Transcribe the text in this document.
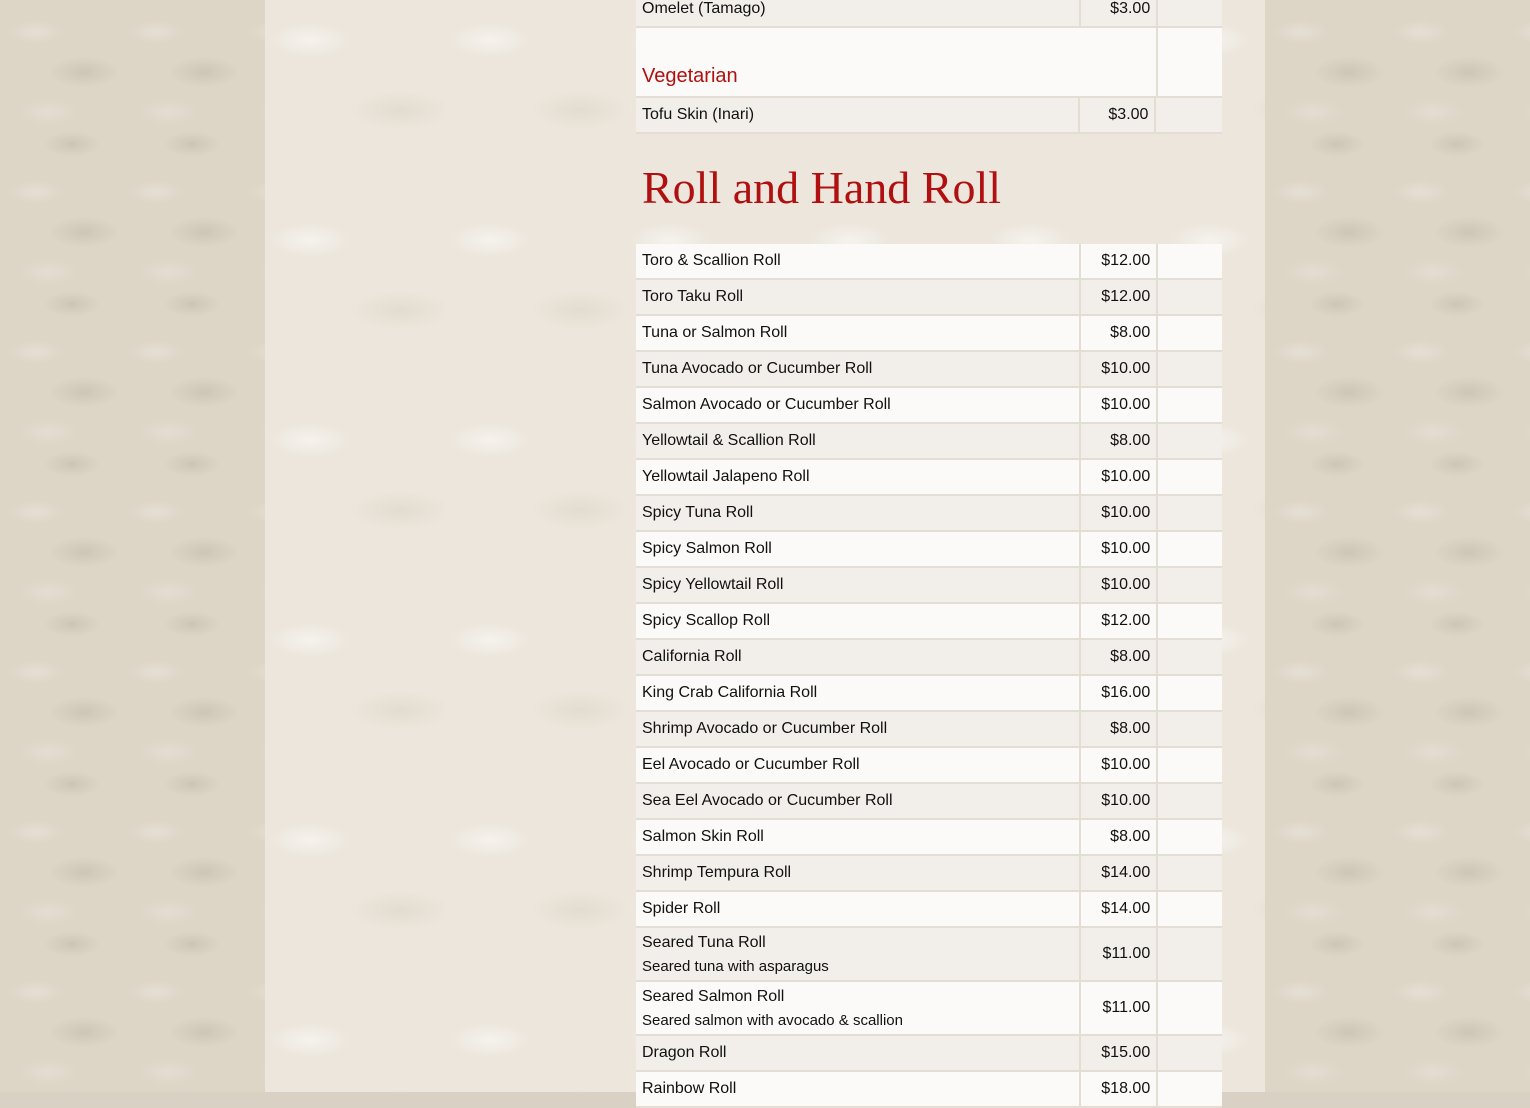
Omelet (Tamago)	$3.00	
Vegetarian		
Tofu Skin (Inari)	$3.00	
Roll and Hand Roll
Toro & Scallion Roll	$12.00	
Toro Taku Roll	$12.00	
Tuna or Salmon Roll	$8.00	
Tuna Avocado or Cucumber Roll	$10.00	
Salmon Avocado or Cucumber Roll	$10.00	
Yellowtail & Scallion Roll	$8.00	
Yellowtail Jalapeno Roll	$10.00	
Spicy Tuna Roll	$10.00	
Spicy Salmon Roll	$10.00	
Spicy Yellowtail Roll	$10.00	
Spicy Scallop Roll	$12.00	
California Roll	$8.00	
King Crab California Roll	$16.00	
Shrimp Avocado or Cucumber Roll	$8.00	
Eel Avocado or Cucumber Roll	$10.00	
Sea Eel Avocado or Cucumber Roll	$10.00	
Salmon Skin Roll	$8.00	
Shrimp Tempura Roll	$14.00	
Spider Roll	$14.00	
Seared Tuna Roll
Seared tuna with asparagus	$11.00	
Seared Salmon Roll
Seared salmon with avocado & scallion	$11.00	
Dragon Roll	$15.00	
Rainbow Roll	$18.00	
